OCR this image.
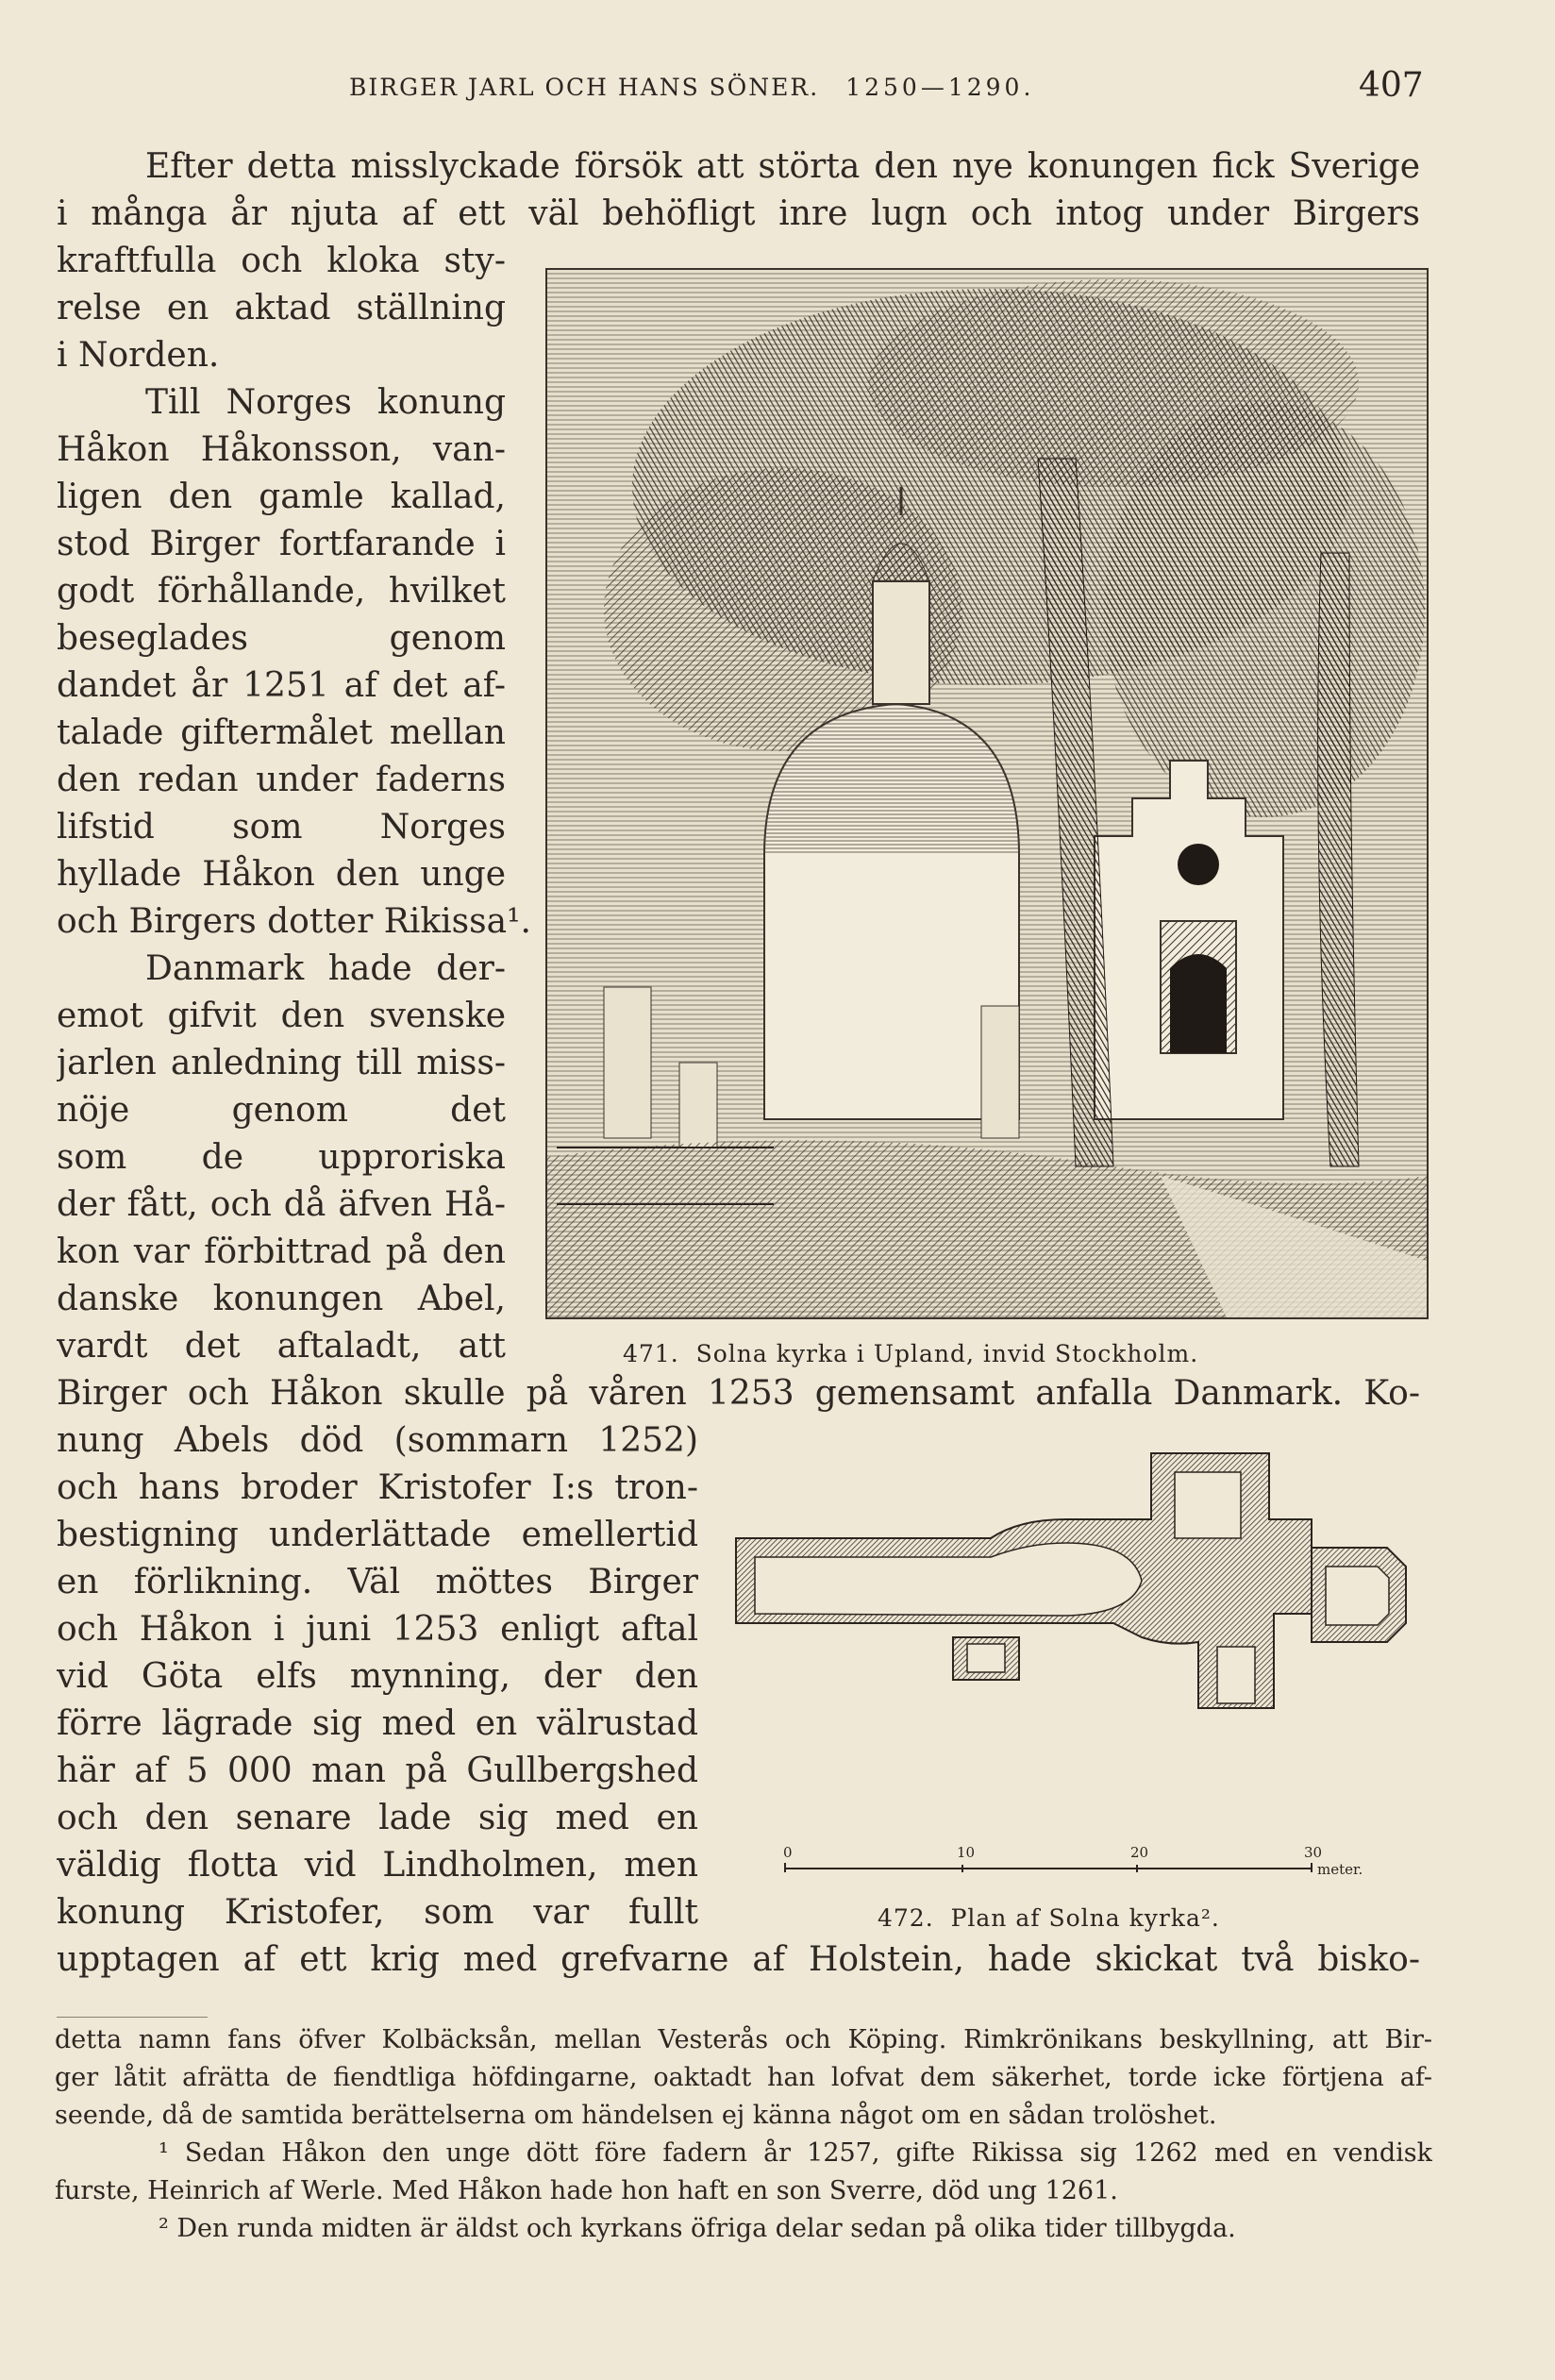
BIRGER JARL OCH HANS SÖNER. 1250—1290.	407
Efter detta misslyckade försök att störta den nye konungen fick Sverige
i många år njuta af ett väl behöfligt inre lugn och intog under Birgers
kraftfulla och kloka sty-
relse en aktad ställning
i Norden.
Till Norges konung
Håkon Håkonsson, van-
ligen den gamle kallad,
stod Birger fortfarande i
godt förhållande, hvilket
beseglades genom
dandet år 1251 af det af-
talade giftermålet mellan
den redan under faderns
lifstid som Norges
hyllade Håkon den unge
och Birgers dotter Rikissa¹.
Danmark hade der-
emot gifvit den svenske
jarlen anledning till miss-
nöje genom det
som de upproriska
der fått, och då äfven Hå-
kon var förbittrad på den
danske konungen Abel,
vardt det aftaladt, att	471. Solna kyrka i Upland, invid Stockholm.
Birger och Håkon skulle på våren 1253 gemensamt anfalla Danmark. Ko-
nung Abels död (sommarn 1252)
och hans broder Kristofer I:s tron-
bestigning underlättade emellertid
en förlikning. Väl möttes Birger
och Håkon i juni 1253 enligt aftal
vid Göta elfs mynning, der den
förre lägrade sig med en välrustad
här af 5 000 man på Gullbergshed
och den senare lade sig med en
väldig flotta vid Lindholmen, men
konung Kristofer, som var fullt
0	10	20	30
meter.
472. Plan af Solna kyrka².
upptagen af ett krig med grefvarne af Holstein, hade skickat två bisko-
detta namn fans öfver Kolbäcksån, mellan Vesterås och Köping. Rimkrönikans beskyllning, att Bir-
ger låtit afrätta de fiendtliga höfdingarne, oaktadt han lofvat dem säkerhet, torde icke förtjena af-
seende, då de samtida berättelserna om händelsen ej känna något om en sådan trolöshet.
¹ Sedan Håkon den unge dött före fadern år 1257, gifte Rikissa sig 1262 med en vendisk
furste, Heinrich af Werle. Med Håkon hade hon haft en son Sverre, död ung 1261.
² Den runda midten är äldst och kyrkans öfriga delar sedan på olika tider tillbygda.
